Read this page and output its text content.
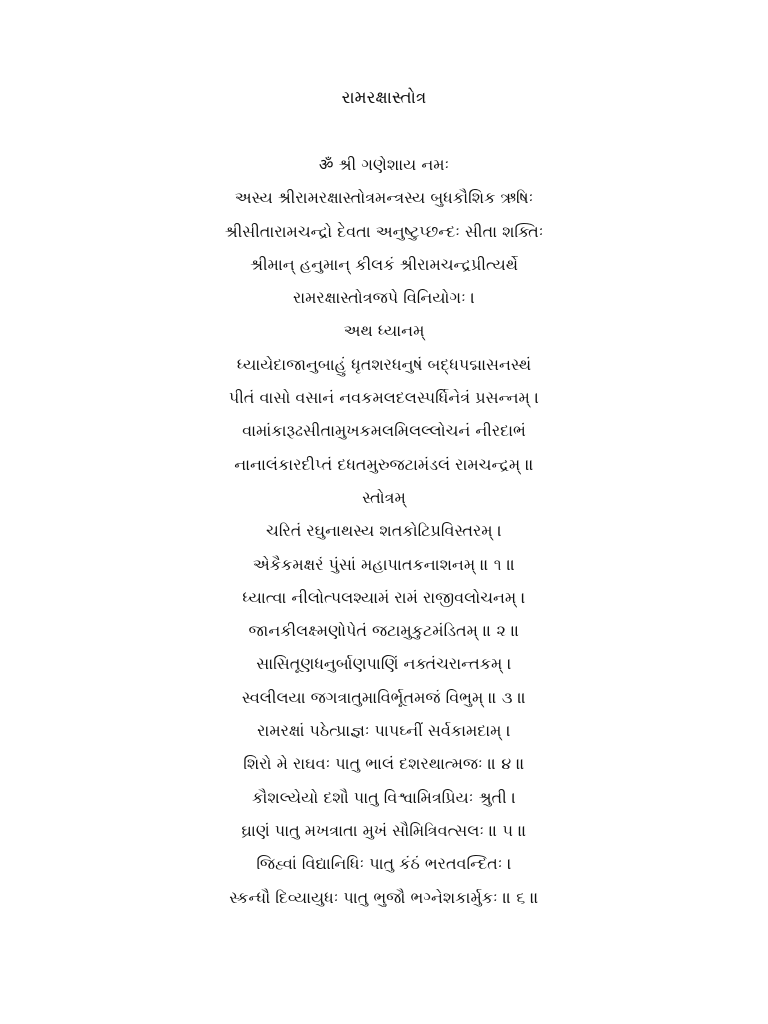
રામરક્ષાસ્તોત્ર
ॐ શ્રી ગણેશાય નમઃ
અસ્ય શ્રીરામરક્ષાસ્તોત્રમન્ત્રસ્ય બુધકૌશિક ઋષિઃ
શ્રીસીતારામચન્દ્રો દેવતા અનુષ્ટુપ્છન્દઃ સીતા શક્તિઃ
શ્રીમાન્ હનુમાન્ કીલકં શ્રીરામચન્દ્રપ્રીત્યર્થે
રામરક્ષાસ્તોત્રજપે વિનિયોગઃ ।
અથ ધ્યાનમ્
ધ્યાયેદાજાનુબાહું ધૃતશરધનુષં બદ્ધપદ્માસનસ્થં
પીતં વાસો વસાનં નવકમલદલસ્પર્ધિનેત્રં પ્રસન્નમ્ ।
વામાંકારૂઢસીતામુખકમલમિલલ્લોચનં નીરદાભં
નાનાલંકારદીપ્તં દધતમુરુજટામંડલં રામચન્દ્રમ્ ॥
સ્તોત્રમ્
ચરિતં રઘુનાથસ્ય શતકોટિપ્રવિસ્તરમ્ ।
એકૈકમક્ષરં પુંસાં મહાપાતકનાશનમ્ ॥ ૧ ॥
ધ્યાત્વા નીલોત્પલશ્યામં રામં રાજીવલોચનમ્ ।
જાનકીલક્ષ્મણોપેતં જટામુકુટમંડિતમ્ ॥ ૨ ॥
સાસિતૂણધનુર્બાણપાણિં નક્તંચરાન્તકમ્ ।
સ્વલીલયા જગત્રાતુમાવિર્ભૂતમજં વિભુમ્ ॥ ૩ ॥
રામરક્ષાં પઠેત્પ્રાજ્ઞઃ પાપઘ્નીં સર્વકામદામ્ ।
શિરો મે રાઘવઃ પાતુ ભાલં દશરથાત્મજઃ ॥ ૪ ॥
કૌશલ્યેયો દશૌ પાતુ વિશ્વામિત્રપ્રિયઃ શ્રુતી ।
ઘ્રાણં પાતુ મખત્રાતા મુખં સૌમિત્રિવત્સલઃ ॥ ૫ ॥
જિહ્વાં વિદ્યાનિધિઃ પાતુ કંઠં ભરતવન્દિતઃ ।
સ્કન્ધૌ દિવ્યાયુધઃ પાતુ ભુજૌ ભગ્નેશકાર્મુકઃ ॥ ૬ ॥
